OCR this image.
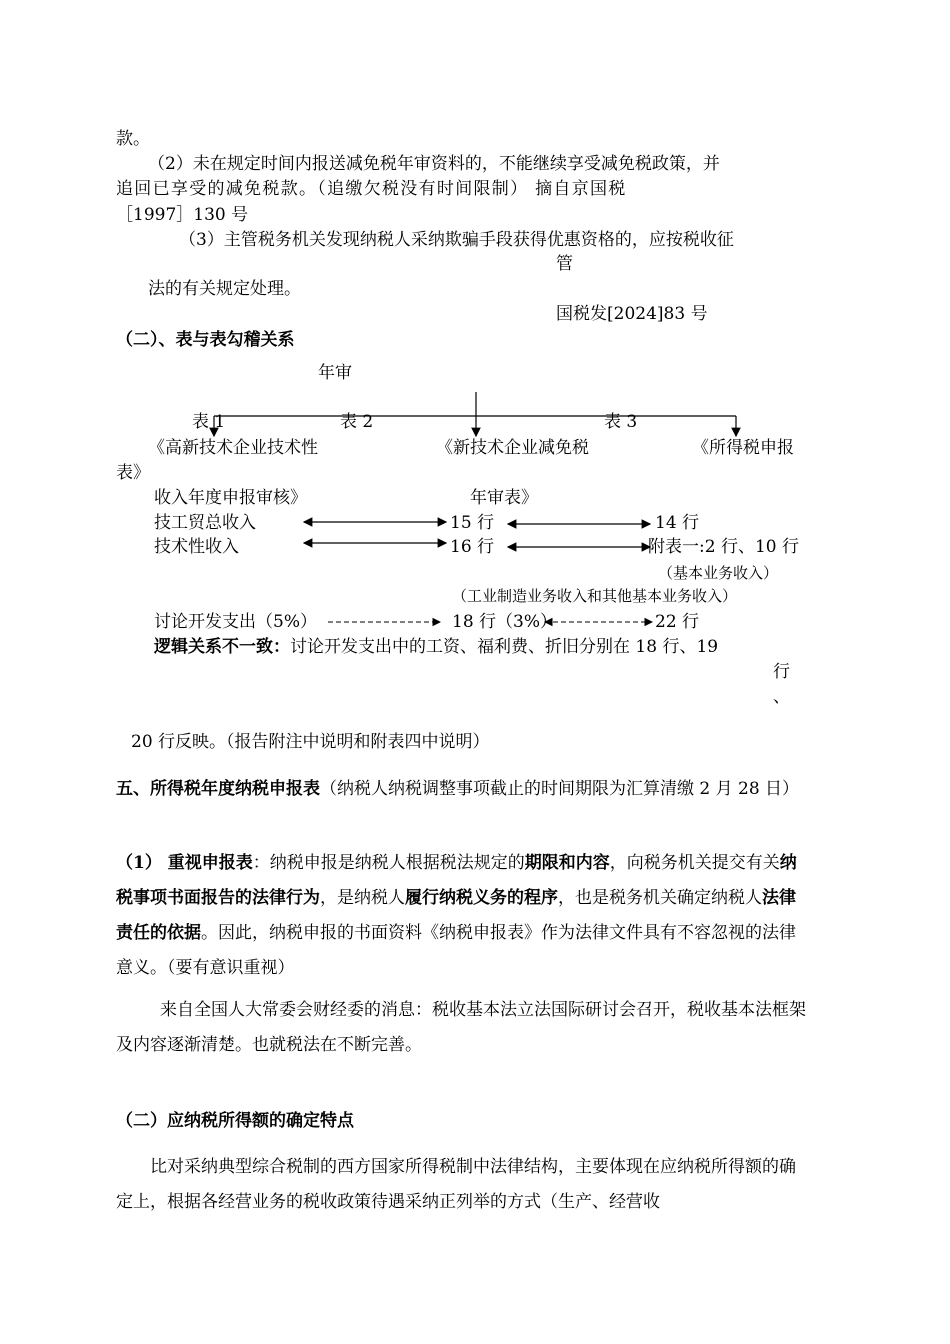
款。
（2）未在规定时间内报送减免税年审资料的，不能继续享受减免税政策，并
追回已享受的减免税款。（追缴欠税没有时间限制） 摘自京国税
［1997］130 号
（3）主管税务机关发现纳税人采纳欺骗手段获得优惠资格的，应按税收征
管
法的有关规定处理。
国税发[2024]83 号
（二）、表与表勾稽关系
年审
表 1	表 2	表 3
《高新技术企业技术性
表》
收入年度申报审核》
《新技术企业减免税
年审表》
《所得税申报
技工贸总收入	15 行	14 行
技术性收入	16 行	附表一:2 行、10 行
（基本业务收入）
（工业制造业务收入和其他基本业务收入）
讨论开发支出（5%）	18 行（3%）	22 行
逻辑关系不一致：讨论开发支出中的工资、福利费、折旧分别在 18 行、19
行
、
20 行反映。（报告附注中说明和附表四中说明）
五、所得税年度纳税申报表（纳税人纳税调整事项截止的时间期限为汇算清缴 2 月 28 日）
（1） 重视申报表：纳税申报是纳税人根据税法规定的期限和内容，向税务机关提交有关纳税事项书面报告的法律行为，是纳税人履行纳税义务的程序，也是税务机关确定纳税人法律责任的依据。因此，纳税申报的书面资料《纳税申报表》作为法律文件具有不容忽视的法律意义。（要有意识重视）
来自全国人大常委会财经委的消息：税收基本法立法国际研讨会召开，税收基本法框架及内容逐渐清楚。也就税法在不断完善。
（二）应纳税所得额的确定特点
比对采纳典型综合税制的西方国家所得税制中法律结构，主要体现在应纳税所得额的确定上，根据各经营业务的税收政策待遇采纳正列举的方式（生产、经营收
